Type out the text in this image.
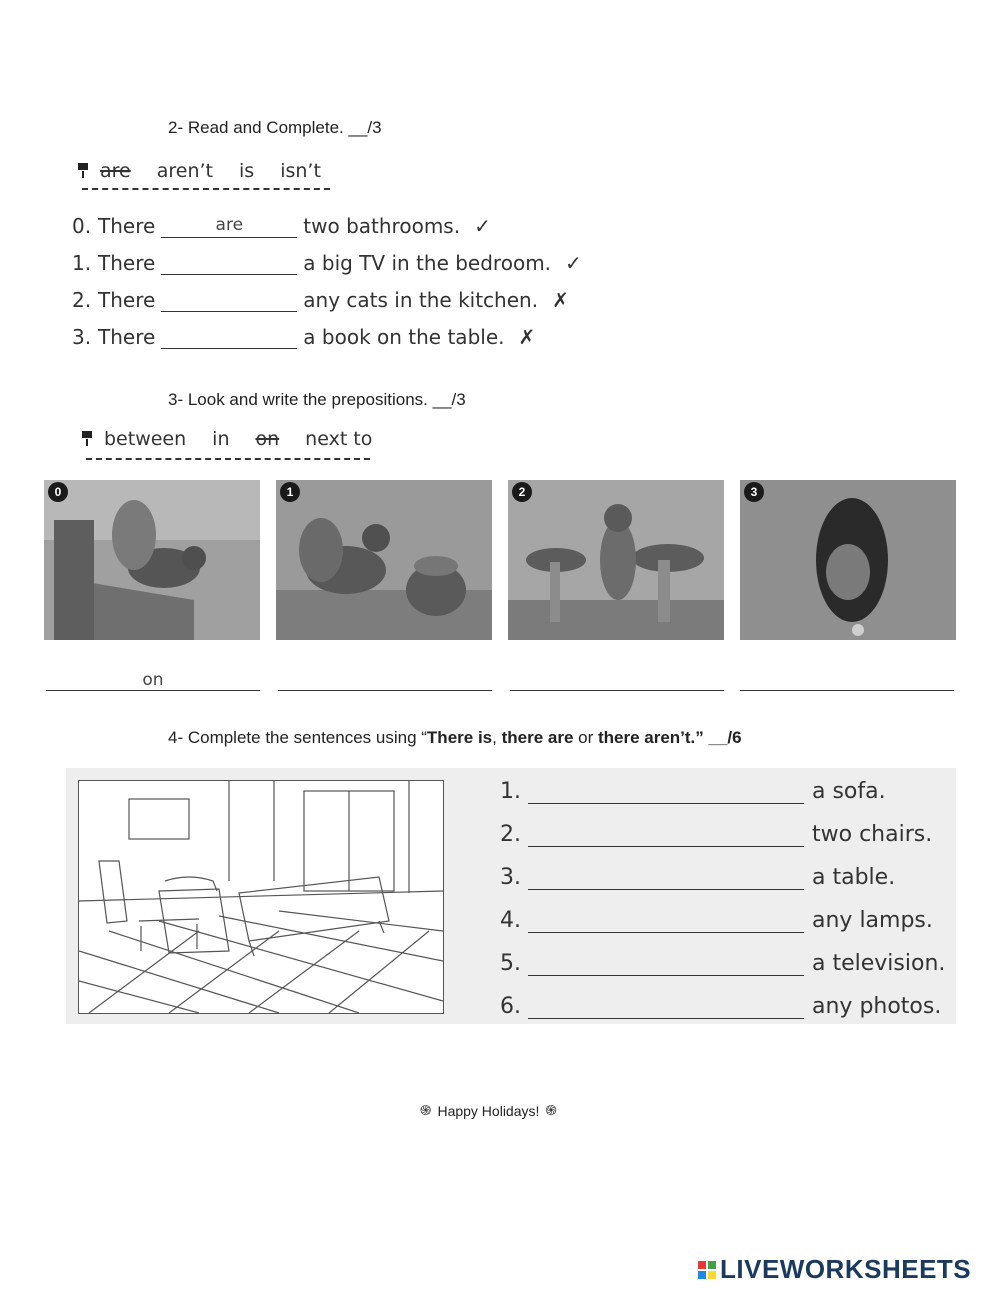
2- Read and Complete. __/3
are aren’t is isn’t
0. There	are	two bathrooms. ✓
1. There	a big TV in the bedroom. ✓
2. There	any cats in the kitchen. ✗
3. There	a book on the table. ✗
3- Look and write the prepositions. __/3
between in on next to
0	1	2	3
on
4- Complete the sentences using “There is, there are or there aren’t.” __/6
1.	a sofa.
2.	two chairs.
3.	a table.
4.	any lamps.
5.	a television.
6.	any photos.
֍ Happy Holidays! ֍
LIVEWORKSHEETS
